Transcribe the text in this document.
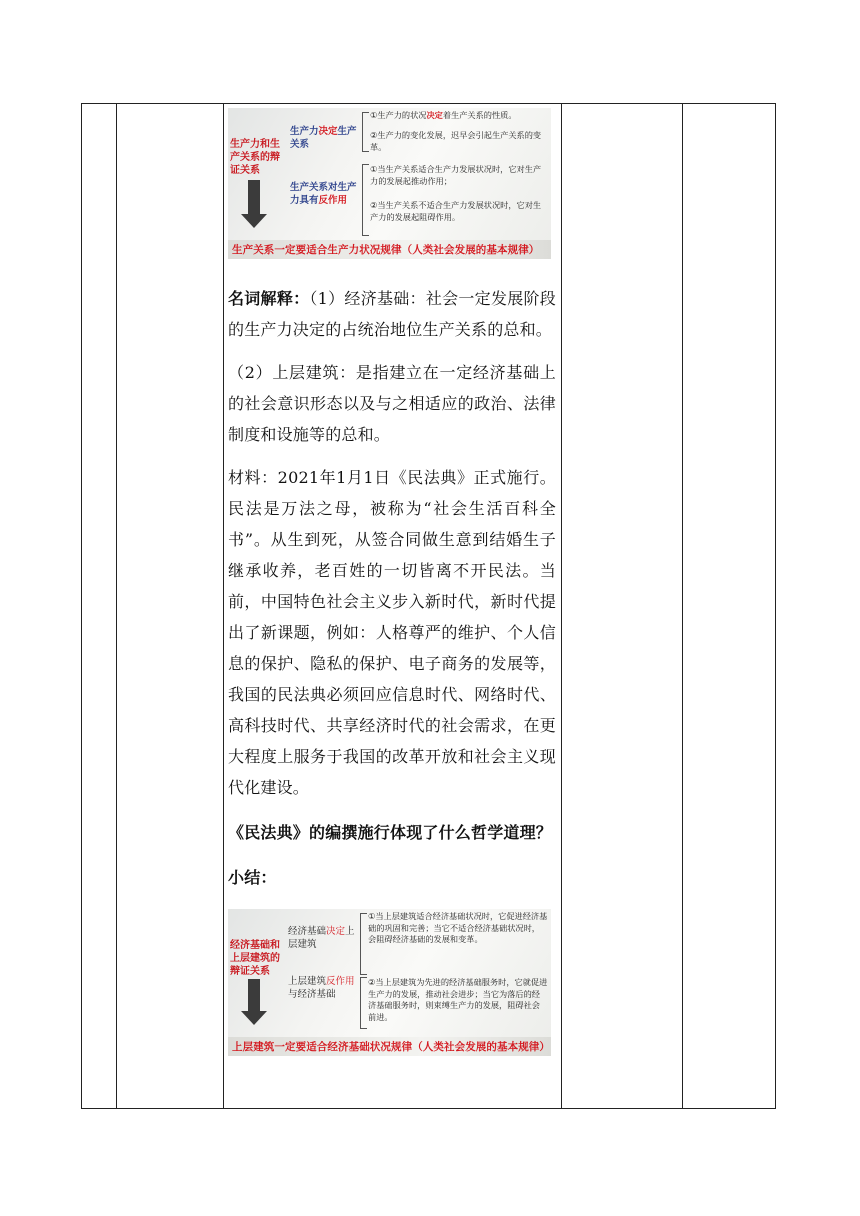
生产力和生产关系的辩证关系
生产力决定生产关系
①生产力的状况决定着生产关系的性质。
②生产力的变化发展，迟早会引起生产关系的变革。
生产关系对生产力具有反作用
①当生产关系适合生产力发展状况时，它对生产力的发展起推动作用；
②当生产关系不适合生产力发展状况时，它对生产力的发展起阻碍作用。
生产关系一定要适合生产力状况规律（人类社会发展的基本规律）

名词解释：（1）经济基础：社会一定发展阶段的生产力决定的占统治地位生产关系的总和。

（2）上层建筑：是指建立在一定经济基础上的社会意识形态以及与之相适应的政治、法律制度和设施等的总和。

材料：2021年1月1日《民法典》正式施行。民法是万法之母，被称为“社会生活百科全书”。从生到死，从签合同做生意到结婚生子继承收养，老百姓的一切皆离不开民法。当前，中国特色社会主义步入新时代，新时代提出了新课题，例如：人格尊严的维护、个人信息的保护、隐私的保护、电子商务的发展等，我国的民法典必须回应信息时代、网络时代、高科技时代、共享经济时代的社会需求，在更大程度上服务于我国的改革开放和社会主义现代化建设。

《民法典》的编撰施行体现了什么哲学道理？

小结：

经济基础和上层建筑的辩证关系
经济基础决定上层建筑
①当上层建筑适合经济基础状况时，它促进经济基础的巩固和完善；当它不适合经济基础状况时，会阻碍经济基础的发展和变革。
上层建筑反作用与经济基础
②当上层建筑为先进的经济基础服务时，它就促进生产力的发展，推动社会进步；当它为落后的经济基础服务时，则束缚生产力的发展，阻碍社会前进。
上层建筑一定要适合经济基础状况规律（人类社会发展的基本规律）
